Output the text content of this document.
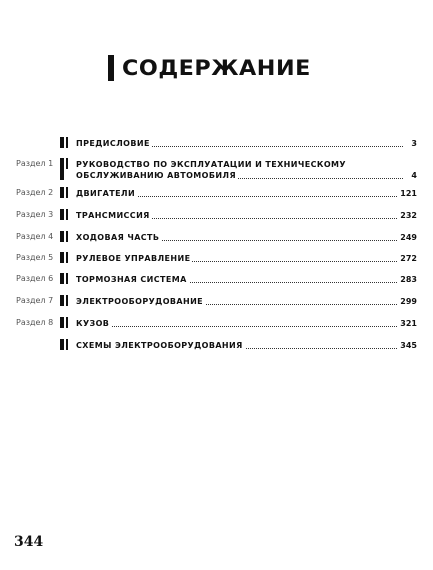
СОДЕРЖАНИЕ
ПРЕДИСЛОВИЕ	3
Раздел 1	РУКОВОДСТВО ПО ЭКСПЛУАТАЦИИ И ТЕХНИЧЕСКОМУ
ОБСЛУЖИВАНИЮ АВТОМОБИЛЯ	4
Раздел 2	ДВИГАТЕЛИ	121
Раздел 3	ТРАНСМИССИЯ	232
Раздел 4	ХОДОВАЯ ЧАСТЬ	249
Раздел 5	РУЛЕВОЕ УПРАВЛЕНИЕ	272
Раздел 6	ТОРМОЗНАЯ СИСТЕМА	283
Раздел 7	ЭЛЕКТРООБОРУДОВАНИЕ	299
Раздел 8	КУЗОВ	321
СХЕМЫ ЭЛЕКТРООБОРУДОВАНИЯ	345
344
